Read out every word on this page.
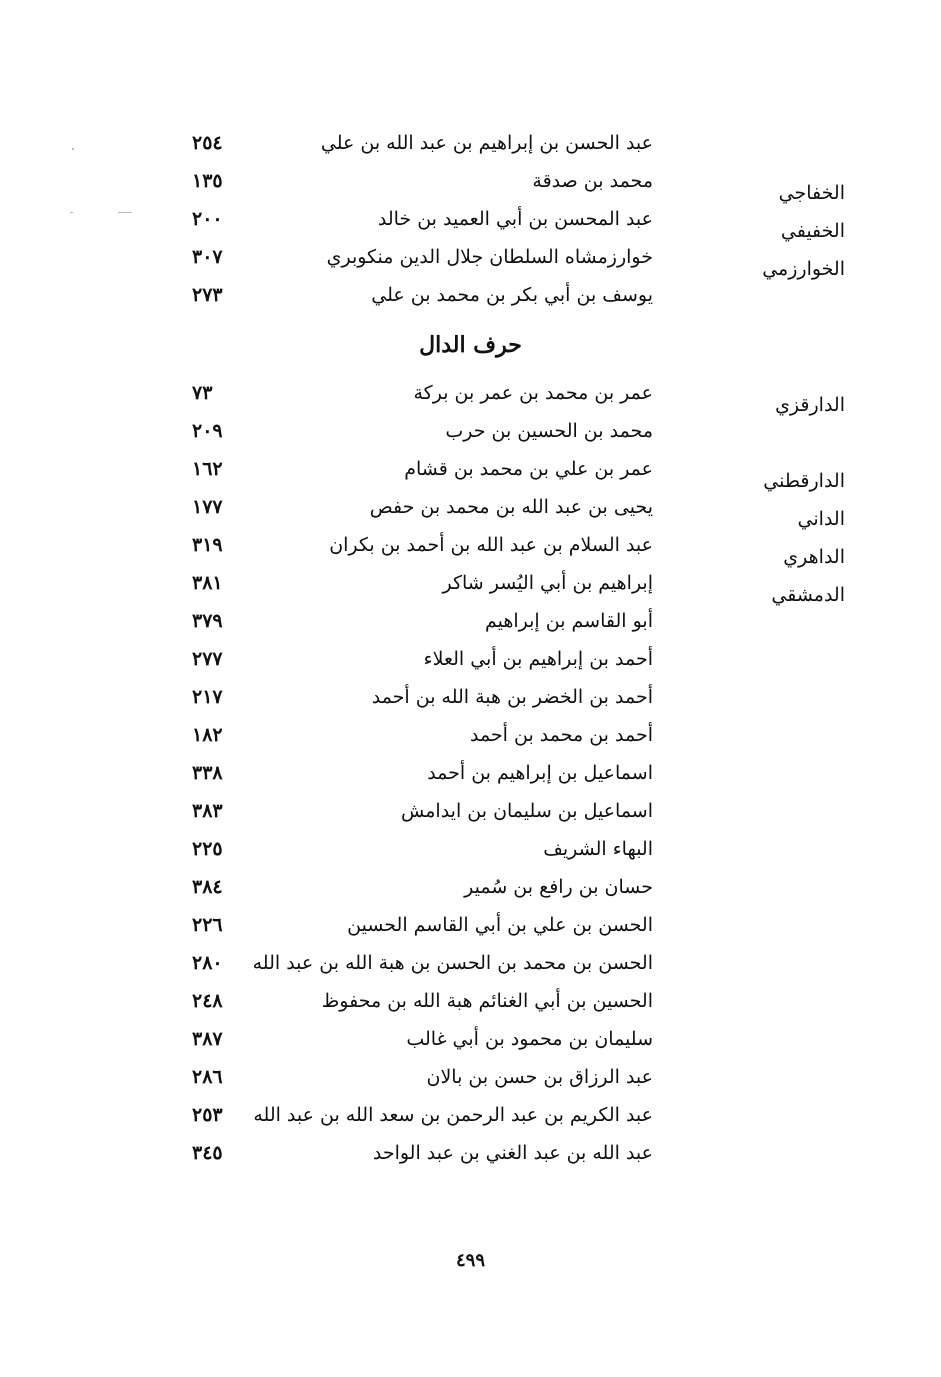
عبد الحسن بن إبراهيم بن عبد الله بن علي
٢٥٤
الخفاجي
محمد بن صدقة
١٣٥
الخفيفي
عبد المحسن بن أبي العميد بن خالد
٢٠٠
الخوارزمي
خوارزمشاه السلطان جلال الدين منكوبري
٣٠٧
يوسف بن أبي بكر بن محمد بن علي
٢٧٣
حرف الدال
الدارقزي
عمر بن محمد بن عمر بن بركة
٧٣
محمد بن الحسين بن حرب
٢٠٩
الدارقطني
عمر بن علي بن محمد بن قشام
١٦٢
الداني
يحيى بن عبد الله بن محمد بن حفص
١٧٧
الداهري
عبد السلام بن عبد الله بن أحمد بن بكران
٣١٩
الدمشقي
إبراهيم بن أبي اليُسر شاكر
٣٨١
أبو القاسم بن إبراهيم
٣٧٩
أحمد بن إبراهيم بن أبي العلاء
٢٧٧
أحمد بن الخضر بن هبة الله بن أحمد
٢١٧
أحمد بن محمد بن أحمد
١٨٢
اسماعيل بن إبراهيم بن أحمد
٣٣٨
اسماعيل بن سليمان بن ايدامش
٣٨٣
البهاء الشريف
٢٢٥
حسان بن رافع بن سُمير
٣٨٤
الحسن بن علي بن أبي القاسم الحسين
٢٢٦
الحسن بن محمد بن الحسن بن هبة الله بن عبد الله
٢٨٠
الحسين بن أبي الغنائم هبة الله بن محفوظ
٢٤٨
سليمان بن محمود بن أبي غالب
٣٨٧
عبد الرزاق بن حسن بن بالان
٢٨٦
عبد الكريم بن عبد الرحمن بن سعد الله بن عبد الله
٢٥٣
عبد الله بن عبد الغني بن عبد الواحد
٣٤٥
٤٩٩
